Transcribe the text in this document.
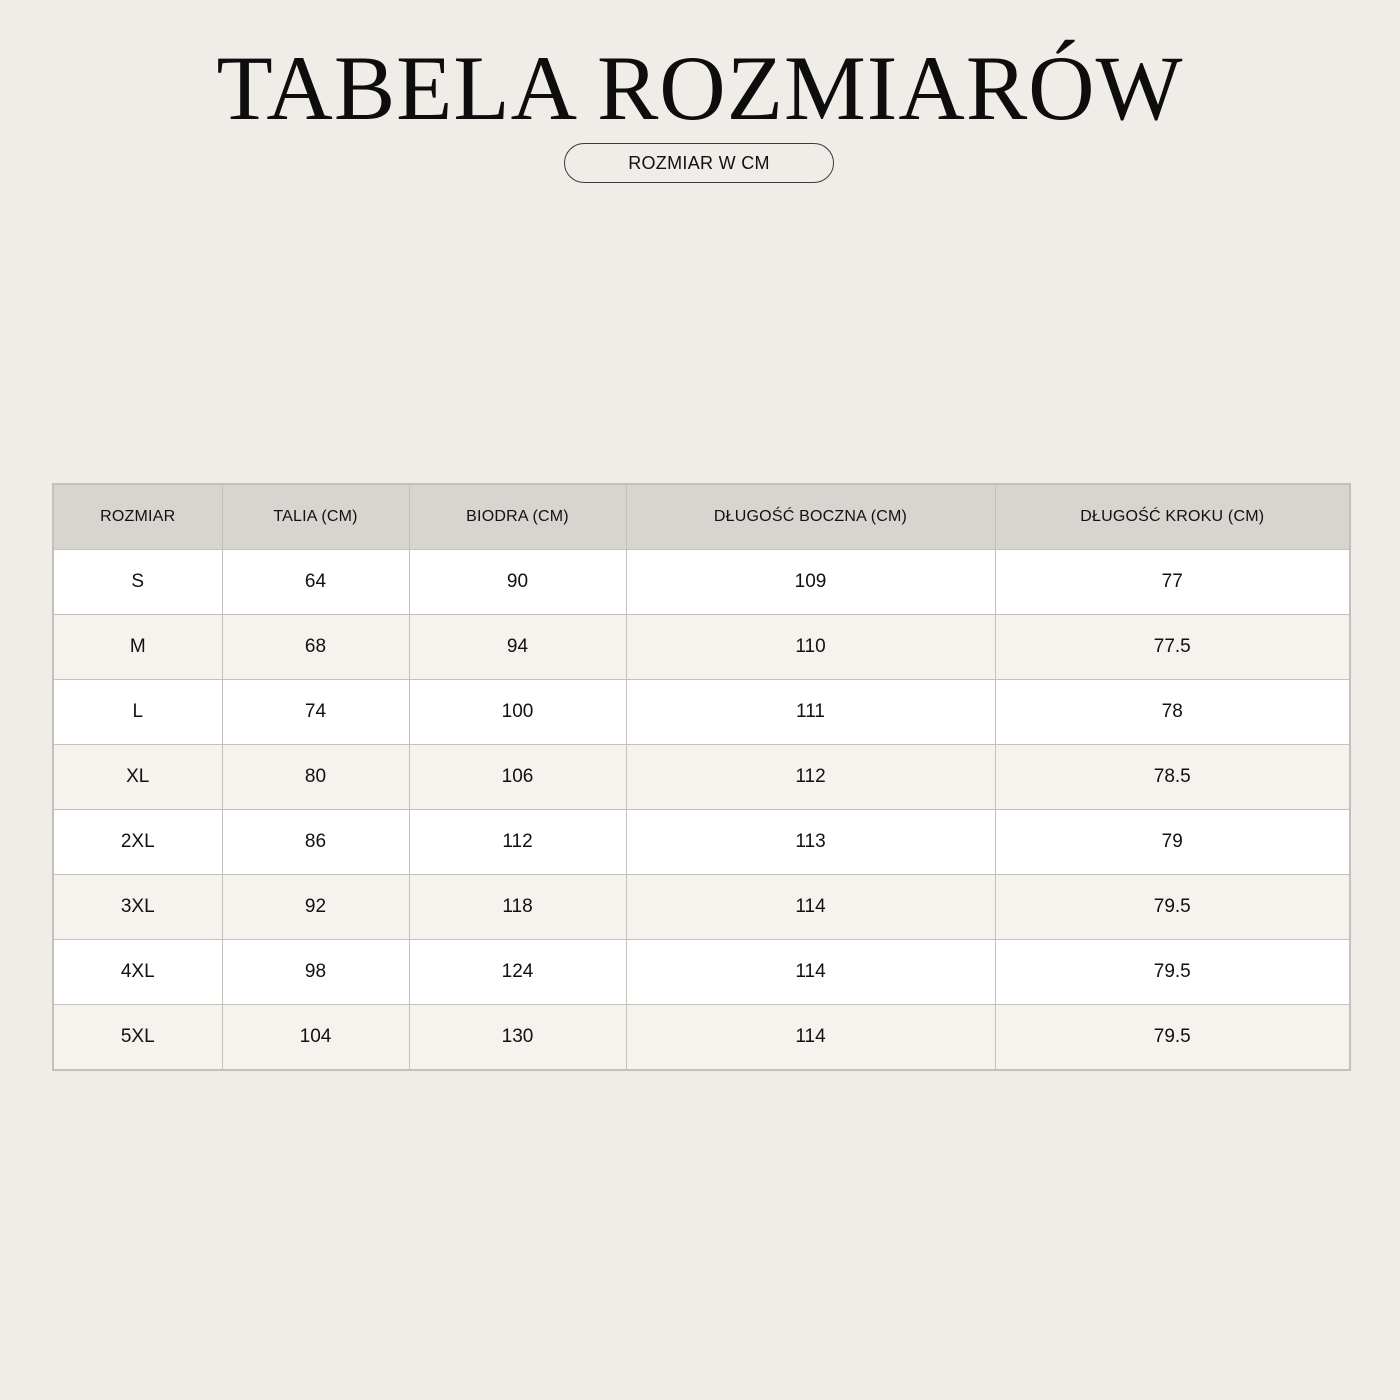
TABELA ROZMIARÓW
ROZMIAR W CM
ROZMIAR	TALIA (CM)	BIODRA (CM)	DŁUGOŚĆ BOCZNA (CM)	DŁUGOŚĆ KROKU (CM)
S	64	90	109	77
M	68	94	110	77.5
L	74	100	111	78
XL	80	106	112	78.5
2XL	86	112	113	79
3XL	92	118	114	79.5
4XL	98	124	114	79.5
5XL	104	130	114	79.5
